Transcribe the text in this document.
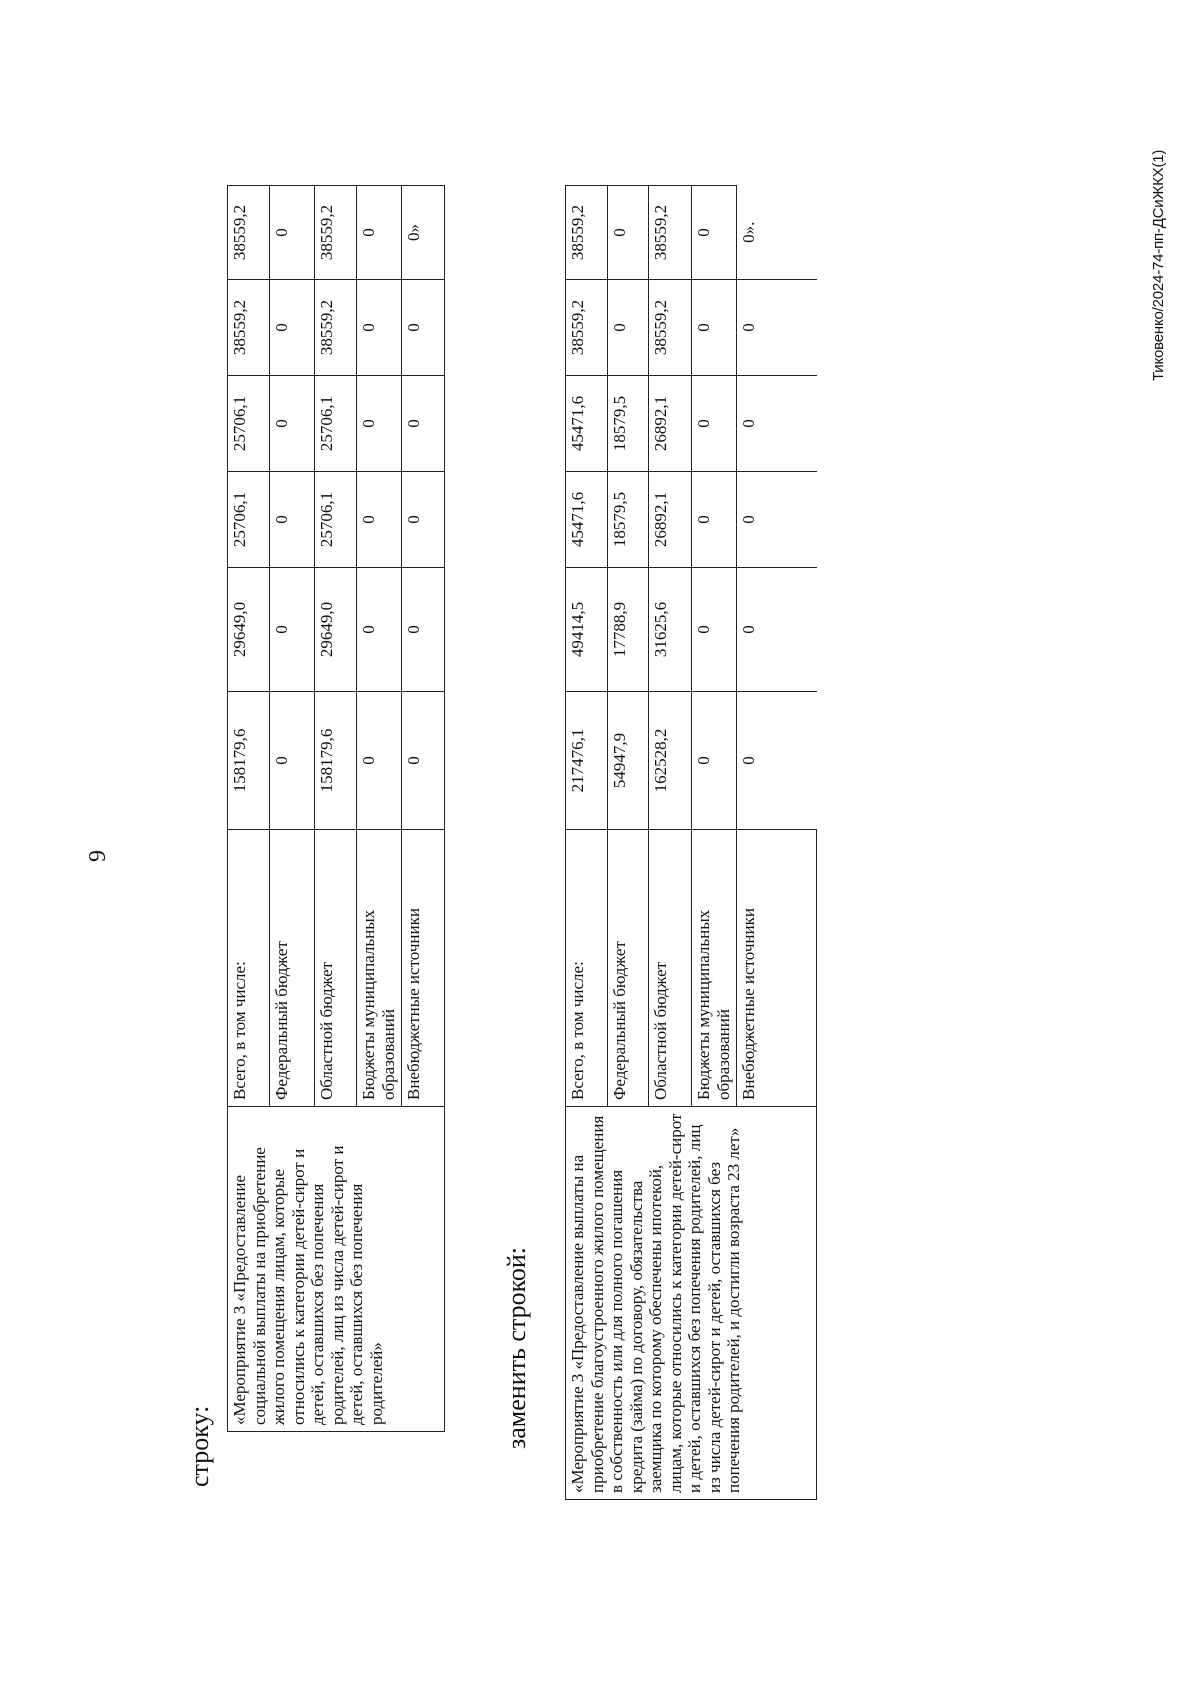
9
Тиковенко/2024-74-пп-ДСиЖКХ(1)
строку:
«Мероприятие 3 «Предоставление социальной выплаты на приобретение жилого помещения лицам, которые относились к категории детей-сирот и детей, оставшихся без попечения родителей, лиц из числа детей-сирот и детей, оставшихся без попечения родителей»	Всего, в том числе:	158179,6	29649,0	25706,1	25706,1	38559,2	38559,2
	Федеральный бюджет	0	0	0	0	0	0
	Областной бюджет	158179,6	29649,0	25706,1	25706,1	38559,2	38559,2
	Бюджеты муниципальных образований	0	0	0	0	0	0
	Внебюджетные источники	0	0	0	0	0	0»
заменить строкой: «Мероприятие 3 «Предоставление выплаты на приобретение благоустроенного жилого помещения в собственность или для полного погашения кредита (займа) по договору, обязательства заемщика по которому обеспечены ипотекой, лицам, которые относились к категории детей-сирот и детей, оставшихся без попечения родителей, лиц из числа детей-сирот и детей, оставшихся без попечения родителей, и достигли возраста 23 лет»	Всего, в том числе:	217476,1	49414,5	45471,6	45471,6	38559,2	38559,2
	Федеральный бюджет	54947,9	17788,9	18579,5	18579,5	0	0
	Областной бюджет	162528,2	31625,6	26892,1	26892,1	38559,2	38559,2
	Бюджеты муниципальных образований	0	0	0	0	0	0
	Внебюджетные источники	0	0	0	0	0	0».
